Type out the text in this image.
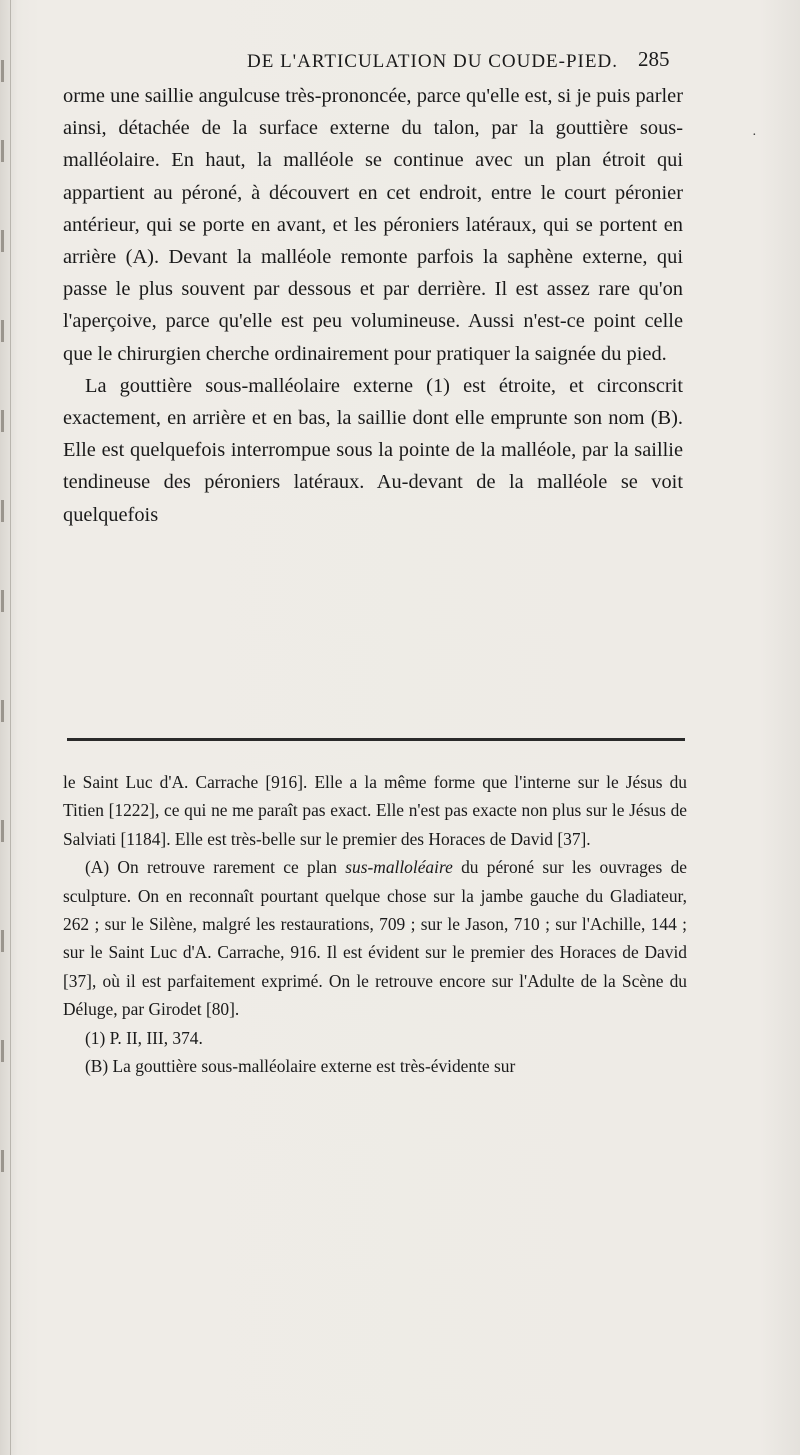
DE L'ARTICULATION DU COUDE-PIED. 285

orme une saillie angulcuse très-prononcée, parce qu'elle est, si je puis parler ainsi, détachée de la surface externe du talon, par la gouttière sous-malléolaire. En haut, la malléole se continue avec un plan étroit qui appartient au péroné, à découvert en cet endroit, entre le court péronier antérieur, qui se porte en avant, et les péroniers latéraux, qui se portent en arrière (A). Devant la malléole remonte parfois la saphène externe, qui passe le plus souvent par dessous et par derrière. Il est assez rare qu'on l'aperçoive, parce qu'elle est peu volumineuse. Aussi n'est-ce point celle que le chirurgien cherche ordinairement pour pratiquer la saignée du pied.

La gouttière sous-malléolaire externe (1) est étroite, et circonscrit exactement, en arrière et en bas, la saillie dont elle emprunte son nom (B). Elle est quelquefois interrompue sous la pointe de la malléole, par la saillie tendineuse des péroniers latéraux. Au-devant de la malléole se voit quelquefois

le Saint Luc d'A. Carrache [916]. Elle a la même forme que l'interne sur le Jésus du Titien [1222], ce qui ne me paraît pas exact. Elle n'est pas exacte non plus sur le Jésus de Salviati [1184]. Elle est très-belle sur le premier des Horaces de David [37].

(A) On retrouve rarement ce plan sus-malloléaire du péroné sur les ouvrages de sculpture. On en reconnaît pourtant quelque chose sur la jambe gauche du Gladiateur, 262 ; sur le Silène, malgré les restaurations, 709 ; sur le Jason, 710 ; sur l'Achille, 144 ; sur le Saint Luc d'A. Carrache, 916. Il est évident sur le premier des Horaces de David [37], où il est parfaitement exprimé. On le retrouve encore sur l'Adulte de la Scène du Déluge, par Girodet [80].

(1) P. II, III, 374.

(B) La gouttière sous-malléolaire externe est très-évidente sur

·
